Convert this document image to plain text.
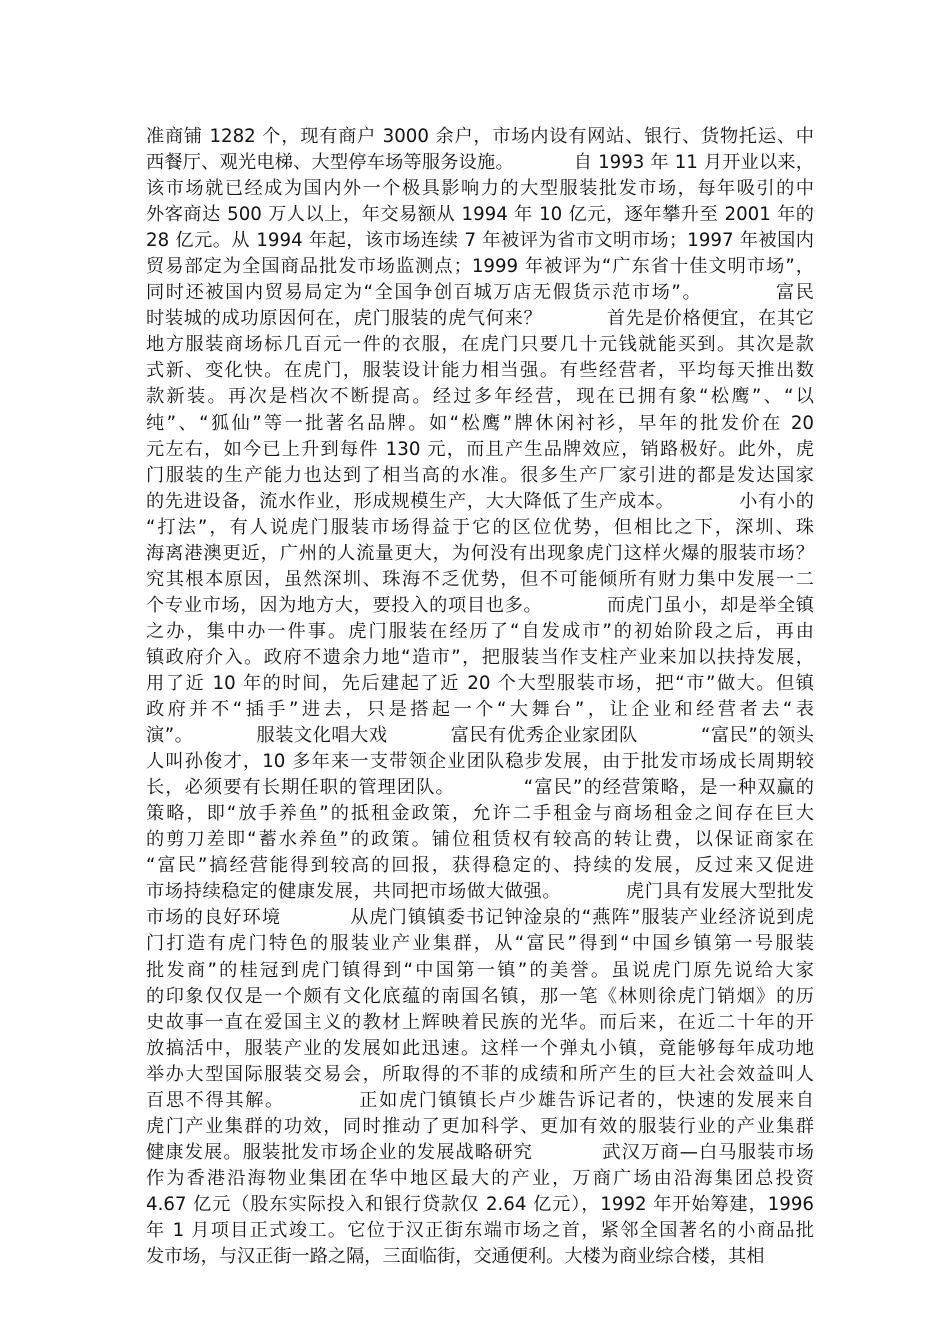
准商铺 1282 个，现有商户 3000 余户，市场内设有网站、银行、货物托运、中
西餐厅、观光电梯、大型停车场等服务设施。          自 1993 年 11 月开业以来，
该市场就已经成为国内外一个极具影响力的大型服装批发市场，每年吸引的中
外客商达 500 万人以上，年交易额从 1994 年 10 亿元，逐年攀升至 2001 年的
28 亿元。从 1994 年起，该市场连续 7 年被评为省市文明市场；1997 年被国内
贸易部定为全国商品批发市场监测点；1999 年被评为“广东省十佳文明市场”，
同时还被国内贸易局定为“全国争创百城万店无假货示范市场”。          富民
时装城的成功原因何在，虎门服装的虎气何来？          首先是价格便宜，在其它
地方服装商场标几百元一件的衣服，在虎门只要几十元钱就能买到。其次是款
式新、变化快。在虎门，服装设计能力相当强。有些经营者，平均每天推出数
款新装。再次是档次不断提高。经过多年经营，现在已拥有象“松鹰”、“以
纯”、“狐仙”等一批著名品牌。如“松鹰”牌休闲衬衫，早年的批发价在 20
元左右，如今已上升到每件 130 元，而且产生品牌效应，销路极好。此外，虎
门服装的生产能力也达到了相当高的水准。很多生产厂家引进的都是发达国家
的先进设备，流水作业，形成规模生产，大大降低了生产成本。          小有小的
“打法”，有人说虎门服装市场得益于它的区位优势，但相比之下，深圳、珠
海离港澳更近，广州的人流量更大，为何没有出现象虎门这样火爆的服装市场？
究其根本原因，虽然深圳、珠海不乏优势，但不可能倾所有财力集中发展一二
个专业市场，因为地方大，要投入的项目也多。          而虎门虽小，却是举全镇
之办，集中办一件事。虎门服装在经历了“自发成市”的初始阶段之后，再由
镇政府介入。政府不遗余力地“造市”，把服装当作支柱产业来加以扶持发展，
用了近 10 年的时间，先后建起了近 20 个大型服装市场，把“市”做大。但镇
政府并不“插手”进去，只是搭起一个“大舞台”，让企业和经营者去“表
演”。          服装文化唱大戏          富民有优秀企业家团队          “富民”的领头
人叫孙俊才，10 多年来一支带领企业团队稳步发展，由于批发市场成长周期较
长，必须要有长期任职的管理团队。          “富民”的经营策略，是一种双赢的
策略，即“放手养鱼”的抵租金政策，允许二手租金与商场租金之间存在巨大
的剪刀差即“蓄水养鱼”的政策。铺位租赁权有较高的转让费，以保证商家在
“富民”搞经营能得到较高的回报，获得稳定的、持续的发展，反过来又促进
市场持续稳定的健康发展，共同把市场做大做强。          虎门具有发展大型批发
市场的良好环境          从虎门镇镇委书记钟淦泉的“燕阵”服装产业经济说到虎
门打造有虎门特色的服装业产业集群，从“富民”得到“中国乡镇第一号服装
批发商”的桂冠到虎门镇得到“中国第一镇”的美誉。虽说虎门原先说给大家
的印象仅仅是一个颇有文化底蕴的南国名镇，那一笔《林则徐虎门销烟》的历
史故事一直在爱国主义的教材上辉映着民族的光华。而后来，在近二十年的开
放搞活中，服装产业的发展如此迅速。这样一个弹丸小镇，竟能够每年成功地
举办大型国际服装交易会，所取得的不菲的成绩和所产生的巨大社会效益叫人
百思不得其解。          正如虎门镇镇长卢少雄告诉记者的，快速的发展来自
虎门产业集群的功效，同时推动了更加科学、更加有效的服装行业的产业集群
健康发展。服装批发市场企业的发展战略研究          武汉万商—白马服装市场
作为香港沿海物业集团在华中地区最大的产业，万商广场由沿海集团总投资
4.67 亿元（股东实际投入和银行贷款仅 2.64 亿元），1992 年开始筹建，1996
年 1 月项目正式竣工。它位于汉正街东端市场之首，紧邻全国著名的小商品批
发市场，与汉正街一路之隔，三面临街，交通便利。大楼为商业综合楼，其相
